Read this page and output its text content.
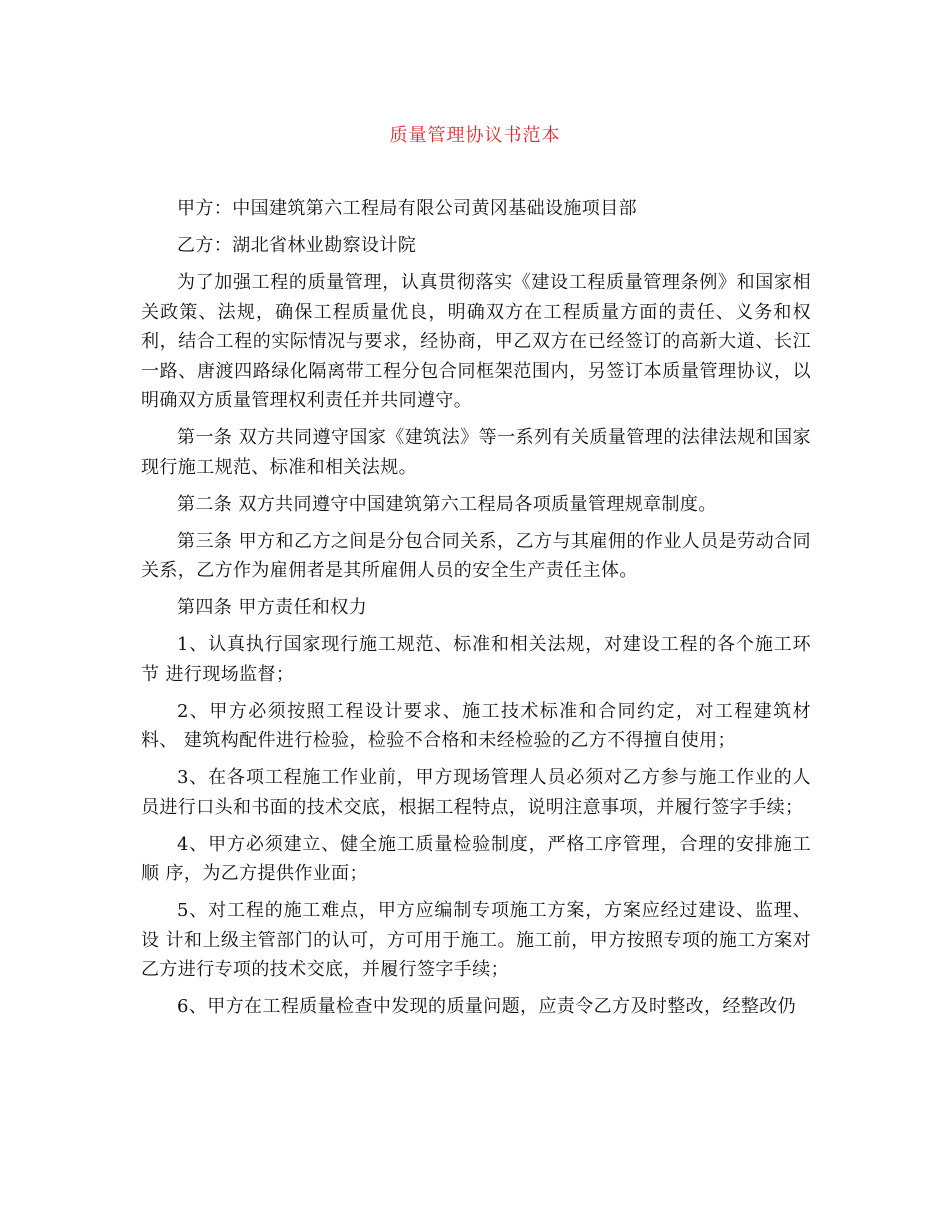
质量管理协议书范本

甲方：中国建筑第六工程局有限公司黄冈基础设施项目部

乙方：湖北省林业勘察设计院

为了加强工程的质量管理，认真贯彻落实《建设工程质量管理条例》和国家相关政策、法规，确保工程质量优良，明确双方在工程质量方面的责任、义务和权利，结合工程的实际情况与要求，经协商，甲乙双方在已经签订的高新大道、长江一路、唐渡四路绿化隔离带工程分包合同框架范围内，另签订本质量管理协议，以明确双方质量管理权利责任并共同遵守。

第一条 双方共同遵守国家《建筑法》等一系列有关质量管理的法律法规和国家现行施工规范、标准和相关法规。

第二条 双方共同遵守中国建筑第六工程局各项质量管理规章制度。

第三条 甲方和乙方之间是分包合同关系，乙方与其雇佣的作业人员是劳动合同关系，乙方作为雇佣者是其所雇佣人员的安全生产责任主体。

第四条 甲方责任和权力

1、认真执行国家现行施工规范、标准和相关法规，对建设工程的各个施工环节 进行现场监督；

2、甲方必须按照工程设计要求、施工技术标准和合同约定，对工程建筑材料、 建筑构配件进行检验，检验不合格和未经检验的乙方不得擅自使用；

3、在各项工程施工作业前，甲方现场管理人员必须对乙方参与施工作业的人员进行口头和书面的技术交底，根据工程特点，说明注意事项，并履行签字手续；

4、甲方必须建立、健全施工质量检验制度，严格工序管理，合理的安排施工顺 序，为乙方提供作业面；

5、对工程的施工难点，甲方应编制专项施工方案，方案应经过建设、监理、设 计和上级主管部门的认可，方可用于施工。施工前，甲方按照专项的施工方案对乙方进行专项的技术交底，并履行签字手续；

6、甲方在工程质量检查中发现的质量问题，应责令乙方及时整改，经整改仍
